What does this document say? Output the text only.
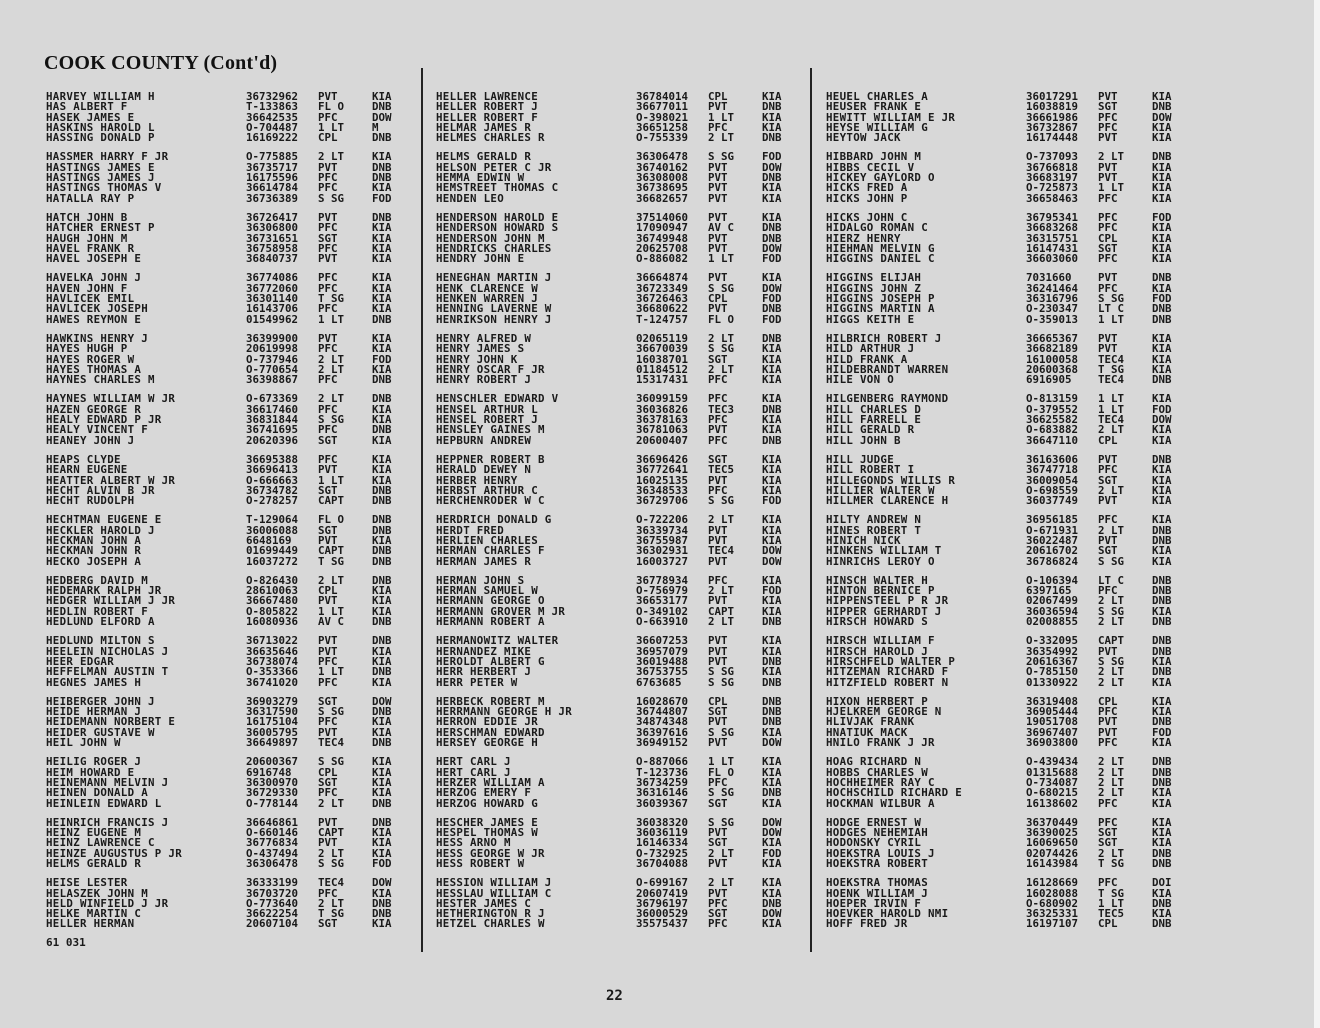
COOK COUNTY (Cont'd)
HARVEY WILLIAM H	36732962	PVT	KIA
HAS ALBERT F	T-133863	FL O	DNB
HASEK JAMES E	36642535	PFC	DOW
HASKINS HAROLD L	O-704487	1 LT	M
HASSING DONALD P	16169222	CPL	DNB
HASSMER HARRY F JR	O-775885	2 LT	KIA
HASTINGS JAMES E	36735717	PVT	DNB
HASTINGS JAMES J	16175596	PFC	DNB
HASTINGS THOMAS V	36614784	PFC	KIA
HATALLA RAY P	36736389	S SG	FOD
HATCH JOHN B	36726417	PVT	DNB
HATCHER ERNEST P	36306800	PFC	KIA
HAUGH JOHN M	36731651	SGT	KIA
HAVEL FRANK R	36758958	PFC	KIA
HAVEL JOSEPH E	36840737	PVT	KIA
HAVELKA JOHN J	36774086	PFC	KIA
HAVEN JOHN F	36772060	PFC	KIA
HAVLICEK EMIL	36301140	T SG	KIA
HAVLICEK JOSEPH	16143706	PFC	KIA
HAWES REYMON E	01549962	1 LT	DNB
HAWKINS HENRY J	36399900	PVT	KIA
HAYES HUGH P	20619998	PFC	KIA
HAYES ROGER W	O-737946	2 LT	FOD
HAYES THOMAS A	O-770654	2 LT	KIA
HAYNES CHARLES M	36398867	PFC	DNB
HAYNES WILLIAM W JR	O-673369	2 LT	DNB
HAZEN GEORGE R	36617460	PFC	KIA
HEALY EDWARD P JR	36831844	S SG	KIA
HEALY VINCENT F	36741695	PFC	DNB
HEANEY JOHN J	20620396	SGT	KIA
HEAPS CLYDE	36695388	PFC	KIA
HEARN EUGENE	36696413	PVT	KIA
HEATTER ALBERT W JR	O-666663	1 LT	KIA
HECHT ALVIN B JR	36734782	SGT	DNB
HECHT RUDOLPH	O-278257	CAPT	DNB
HECHTMAN EUGENE E	T-129064	FL O	DNB
HECKLER HAROLD J	36006088	SGT	DNB
HECKMAN JOHN A	6648169	PVT	KIA
HECKMAN JOHN R	01699449	CAPT	DNB
HECKO JOSEPH A	16037272	T SG	DNB
HEDBERG DAVID M	O-826430	2 LT	DNB
HEDEMARK RALPH JR	28610063	CPL	KIA
HEDGER WILLIAM J JR	36667480	PVT	KIA
HEDLIN ROBERT F	O-805822	1 LT	KIA
HEDLUND ELFORD A	16080936	AV C	DNB
HEDLUND MILTON S	36713022	PVT	DNB
HEELEIN NICHOLAS J	36635646	PVT	KIA
HEER EDGAR	36738074	PFC	KIA
HEFFELMAN AUSTIN T	O-353366	1 LT	DNB
HEGNES JAMES H	36741020	PFC	KIA
HEIBERGER JOHN J	36903279	SGT	DOW
HEIDE HERMAN J	36317590	S SG	DNB
HEIDEMANN NORBERT E	16175104	PFC	KIA
HEIDER GUSTAVE W	36005795	PVT	KIA
HEIL JOHN W	36649897	TEC4	DNB
HEILIG ROGER J	20600367	S SG	KIA
HEIM HOWARD E	6916748	CPL	KIA
HEINEMANN MELVIN J	36300970	SGT	KIA
HEINEN DONALD A	36729330	PFC	KIA
HEINLEIN EDWARD L	O-778144	2 LT	DNB
HEINRICH FRANCIS J	36646861	PVT	DNB
HEINZ EUGENE M	O-660146	CAPT	KIA
HEINZ LAWRENCE C	36776834	PVT	KIA
HEINZE AUGUSTUS P JR	O-437494	2 LT	KIA
HELMS GERALD R	36306478	S SG	FOD
HEISE LESTER	36333199	TEC4	DOW
HELASZEK JOHN M	36703720	PFC	KIA
HELD WINFIELD J JR	O-773640	2 LT	DNB
HELKE MARTIN C	36622254	T SG	DNB
HELLER HERMAN	20607104	SGT	KIA
HELLER LAWRENCE	36784014	CPL	KIA
HELLER ROBERT J	36677011	PVT	DNB
HELLER ROBERT F	O-398021	1 LT	KIA
HELMAR JAMES R	36651258	PFC	KIA
HELMES CHARLES R	O-755339	2 LT	DNB
HELMS GERALD R	36306478	S SG	FOD
HELSON PETER C JR	36740162	PVT	DOW
HEMMA EDWIN W	36308008	PVT	DNB
HEMSTREET THOMAS C	36738695	PVT	KIA
HENDEN LEO	36682657	PVT	KIA
HENDERSON HAROLD E	37514060	PVT	KIA
HENDERSON HOWARD S	17090947	AV C	DNB
HENDERSON JOHN M	36749948	PVT	DNB
HENDRICKS CHARLES	20625708	PVT	DOW
HENDRY JOHN E	O-886082	1 LT	FOD
HENEGHAN MARTIN J	36664874	PVT	KIA
HENK CLARENCE W	36723349	S SG	DOW
HENKEN WARREN J	36726463	CPL	FOD
HENNING LAVERNE W	36680622	PVT	DNB
HENRIKSON HENRY J	T-124757	FL O	FOD
HENRY ALFRED W	02065119	2 LT	DNB
HENRY JAMES S	36670039	S SG	KIA
HENRY JOHN K	16038701	SGT	KIA
HENRY OSCAR F JR	01184512	2 LT	KIA
HENRY ROBERT J	15317431	PFC	KIA
HENSCHLER EDWARD V	36099159	PFC	KIA
HENSEL ARTHUR L	36036826	TEC3	DNB
HENSEL ROBERT J	36378163	PFC	KIA
HENSLEY GAINES M	36781063	PVT	KIA
HEPBURN ANDREW	20600407	PFC	DNB
HEPPNER ROBERT B	36696426	SGT	KIA
HERALD DEWEY N	36772641	TEC5	KIA
HERBER HENRY	16025135	PVT	KIA
HERBST ARTHUR C	36348533	PFC	KIA
HERCHENRODER W C	36729706	S SG	FOD
HERDRICH DONALD G	O-722206	2 LT	KIA
HERDT FRED	36339734	PVT	KIA
HERLIEN CHARLES	36755987	PVT	KIA
HERMAN CHARLES F	36302931	TEC4	DOW
HERMAN JAMES R	16003727	PVT	DOW
HERMAN JOHN S	36778934	PFC	KIA
HERMAN SAMUEL W	O-756979	2 LT	FOD
HERMANN GEORGE O	36653177	PVT	KIA
HERMANN GROVER M JR	O-349102	CAPT	KIA
HERMANN ROBERT A	O-663910	2 LT	DNB
HERMANOWITZ WALTER	36607253	PVT	KIA
HERNANDEZ MIKE	36957079	PVT	KIA
HEROLDT ALBERT G	36019488	PVT	DNB
HERR HERBERT J	36753755	S SG	KIA
HERR PETER W	6763685	S SG	DNB
HERBECK ROBERT M	16028670	CPL	DNB
HERRMANN GEORGE H JR	36744807	SGT	DNB
HERRON EDDIE JR	34874348	PVT	DNB
HERSCHMAN EDWARD	36397616	S SG	KIA
HERSEY GEORGE H	36949152	PVT	DOW
HERT CARL J	O-887066	1 LT	KIA
HERT CARL J	T-123736	FL O	KIA
HERZER WILLIAM A	36734259	PFC	KIA
HERZOG EMERY F	36316146	S SG	DNB
HERZOG HOWARD G	36039367	SGT	KIA
HESCHER JAMES E	36038320	S SG	DOW
HESPEL THOMAS W	36036119	PVT	DOW
HESS ARNO M	16146334	SGT	KIA
HESS GEORGE W JR	O-732925	2 LT	FOD
HESS ROBERT W	36704088	PVT	KIA
HESSION WILLIAM J	O-699167	2 LT	KIA
HESSLAU WILLIAM C	20607419	PVT	KIA
HESTER JAMES C	36796197	PFC	DNB
HETHERINGTON R J	36000529	SGT	DOW
HETZEL CHARLES W	35575437	PFC	KIA
HEUEL CHARLES A	36017291	PVT	KIA
HEUSER FRANK E	16038819	SGT	DNB
HEWITT WILLIAM E JR	36661986	PFC	DOW
HEYSE WILLIAM G	36732867	PFC	KIA
HEYTOW JACK	16174448	PVT	KIA
HIBBARD JOHN M	O-737093	2 LT	DNB
HIBBS CECIL V	36766818	PVT	KIA
HICKEY GAYLORD O	36683197	PVT	KIA
HICKS FRED A	O-725873	1 LT	KIA
HICKS JOHN P	36658463	PFC	KIA
HICKS JOHN C	36795341	PFC	FOD
HIDALGO ROMAN C	36683268	PFC	KIA
HIERZ HENRY	36315751	CPL	KIA
HIEHMAN MELVIN G	16147431	SGT	KIA
HIGGINS DANIEL C	36603060	PFC	KIA
HIGGINS ELIJAH	7031660	PVT	DNB
HIGGINS JOHN Z	36241464	PFC	KIA
HIGGINS JOSEPH P	36316796	S SG	FOD
HIGGINS MARTIN A	O-230347	LT C	DNB
HIGGS KEITH E	O-359013	1 LT	DNB
HILBRICH ROBERT J	36665367	PVT	KIA
HILD ARTHUR J	36682189	PVT	KIA
HILD FRANK A	16100058	TEC4	KIA
HILDEBRANDT WARREN	20600368	T SG	KIA
HILE VON O	6916905	TEC4	DNB
HILGENBERG RAYMOND	O-813159	1 LT	KIA
HILL CHARLES D	O-379552	1 LT	FOD
HILL FARRELL E	36625582	TEC4	DOW
HILL GERALD R	O-683882	2 LT	KIA
HILL JOHN B	36647110	CPL	KIA
HILL JUDGE	36163606	PVT	DNB
HILL ROBERT I	36747718	PFC	KIA
HILLEGONDS WILLIS R	36009054	SGT	KIA
HILLIER WALTER W	O-698559	2 LT	KIA
HILLMER CLARENCE H	36037749	PVT	KIA
HILTY ANDREW N	36956185	PFC	KIA
HINES ROBERT T	O-671931	2 LT	DNB
HINICH NICK	36022487	PVT	DNB
HINKENS WILLIAM T	20616702	SGT	KIA
HINRICHS LEROY O	36786824	S SG	KIA
HINSCH WALTER H	O-106394	LT C	DNB
HINTON BERNICE P	6397165	PFC	DNB
HIPPENSTEEL P R JR	02067499	2 LT	DNB
HIPPER GERHARDT J	36036594	S SG	KIA
HIRSCH HOWARD S	02008855	2 LT	DNB
HIRSCH WILLIAM F	O-332095	CAPT	DNB
HIRSCH HAROLD J	36354992	PVT	DNB
HIRSCHFELD WALTER P	20616367	S SG	KIA
HITZEMAN RICHARD F	O-785150	2 LT	DNB
HITZFIELD ROBERT N	01330922	2 LT	KIA
HIXON HERBERT P	36319408	CPL	KIA
HJELKREM GEORGE N	36905444	PFC	KIA
HLIVJAK FRANK	19051708	PVT	DNB
HNATIUK MACK	36967407	PVT	FOD
HNILO FRANK J JR	36903800	PFC	KIA
HOAG RICHARD N	O-439434	2 LT	DNB
HOBBS CHARLES W	01315688	2 LT	DNB
HOCHHEIMER RAY C	O-734087	2 LT	DNB
HOCHSCHILD RICHARD E	O-680215	2 LT	KIA
HOCKMAN WILBUR A	16138602	PFC	KIA
HODGE ERNEST W	36370449	PFC	KIA
HODGES NEHEMIAH	36390025	SGT	KIA
HODONSKY CYRIL	16069650	SGT	KIA
HOEKSTRA LOUIS J	02074426	2 LT	DNB
HOEKSTRA ROBERT	16143984	T SG	DNB
HOEKSTRA THOMAS	16128669	PFC	DOI
HOENK WILLIAM J	16028088	T SG	KIA
HOEPER IRVIN F	O-680902	1 LT	DNB
HOEVKER HAROLD NMI	36325331	TEC5	KIA
HOFF FRED JR	16197107	CPL	DNB
61 031
22
